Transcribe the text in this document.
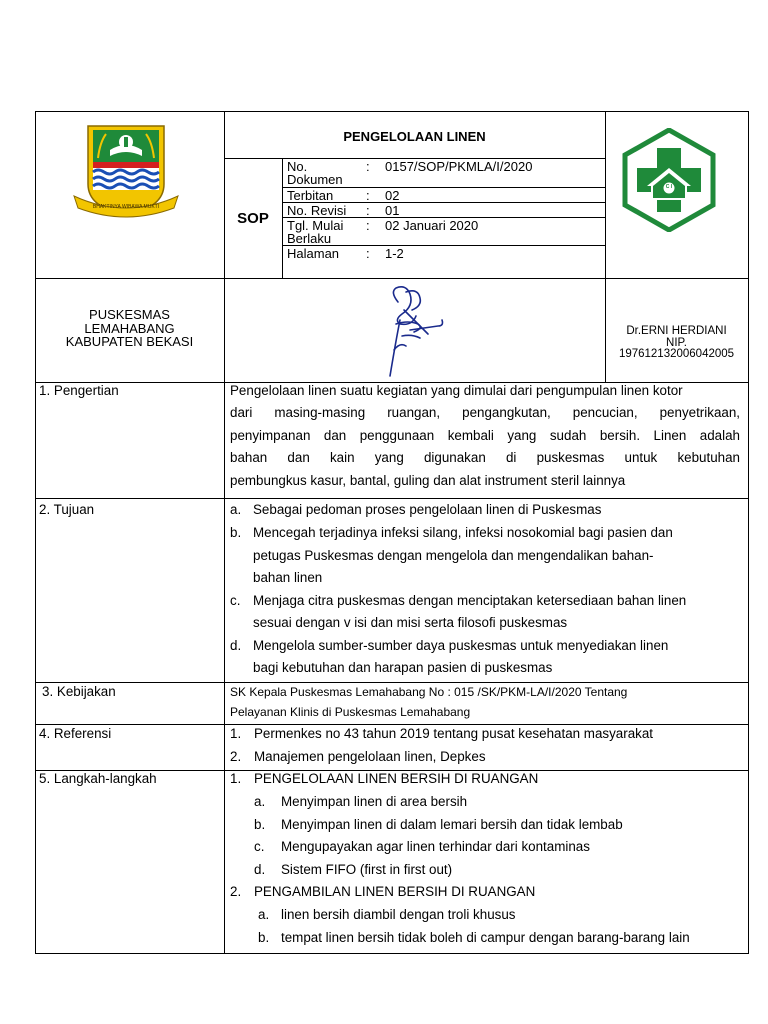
BHAKTINYA WIBAWA MUKTI
PENGELOLAAN LINEN
SOP
No.
Dokumen
: 0157/SOP/PKMLA/I/2020
Terbitan	: 02
No. Revisi : 01
Tgl. Mulai
Berlaku
: 02 Januari 2020
Halaman : 1-2
C I
PUSKESMAS
LEMAHABANG
KABUPATEN BEKASI
Dr.ERNI HERDIANI
NIP.
197612132006042005
1. Pengertian	Pengelolaan linen suatu kegiatan yang dimulai dari pengumpulan linen kotor
dari masing-masing ruangan, pengangkutan, pencucian, penyetrikaan,
penyimpanan dan penggunaan kembali yang sudah bersih. Linen adalah
bahan dan kain yang digunakan di puskesmas untuk kebutuhan
pembungkus kasur, bantal, guling dan alat instrument steril lainnya
2. Tujuan	a. Sebagai pedoman proses pengelolaan linen di Puskesmas
b. Mencegah terjadinya infeksi silang, infeksi nosokomial bagi pasien dan
petugas Puskesmas dengan mengelola dan mengendalikan bahan-
bahan linen
c. Menjaga citra puskesmas dengan menciptakan ketersediaan bahan linen
sesuai dengan v isi dan misi serta filosofi puskesmas
d. Mengelola sumber-sumber daya puskesmas untuk menyediakan linen
bagi kebutuhan dan harapan pasien di puskesmas
3. Kebijakan	SK Kepala Puskesmas Lemahabang No : 015 /SK/PKM-LA/I/2020 Tentang
Pelayanan Klinis di Puskesmas Lemahabang
4. Referensi	1. Permenkes no 43 tahun 2019 tentang pusat kesehatan masyarakat
2. Manajemen pengelolaan linen, Depkes
5. Langkah-langkah	1. PENGELOLAAN LINEN BERSIH DI RUANGAN
a. Menyimpan linen di area bersih
b. Menyimpan linen di dalam lemari bersih dan tidak lembab
c. Mengupayakan agar linen terhindar dari kontaminas
d. Sistem FIFO (first in first out)
2. PENGAMBILAN LINEN BERSIH DI RUANGAN
a. linen bersih diambil dengan troli khusus
b. tempat linen bersih tidak boleh di campur dengan barang-barang lain
